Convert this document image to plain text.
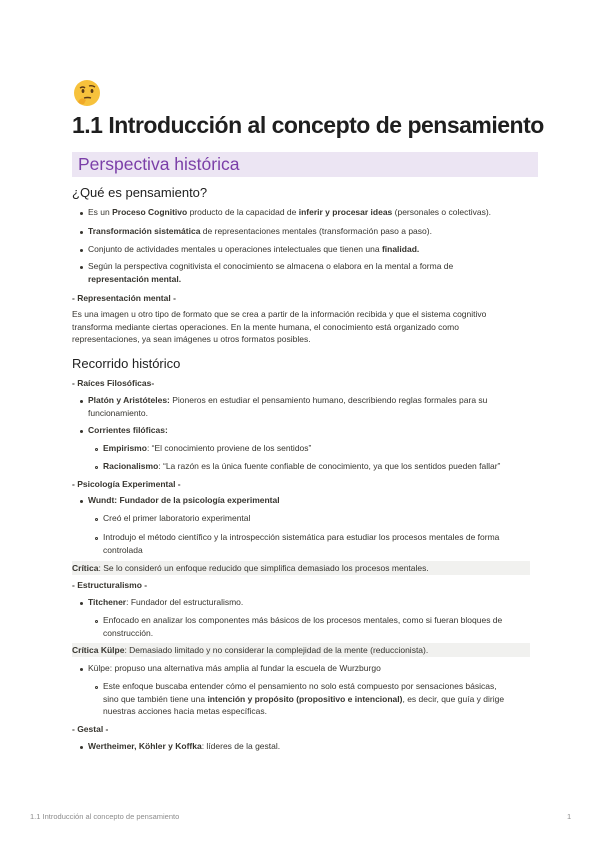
1.1 Introducción al concepto de pensamiento
Perspectiva histórica
¿Qué es pensamiento?
Es un Proceso Cognitivo producto de la capacidad de inferir y procesar ideas (personales o colectivas).
Transformación sistemática de representaciones mentales (transformación paso a paso).
Conjunto de actividades mentales u operaciones intelectuales que tienen una finalidad.
Según la perspectiva cognitivista el conocimiento se almacena o elabora en la mental a forma de
representación mental.
- Representación mental -
Es una imagen u otro tipo de formato que se crea a partir de la información recibida y que el sistema cognitivo
transforma mediante ciertas operaciones. En la mente humana, el conocimiento está organizado como
representaciones, ya sean imágenes u otros formatos posibles.
Recorrido histórico
- Raíces Filosóficas-
Platón y Aristóteles: Pioneros en estudiar el pensamiento humano, describiendo reglas formales para su
funcionamiento.
Corrientes filóficas:
Empirismo: “El conocimiento proviene de los sentidos”
Racionalismo: “La razón es la única fuente confiable de conocimiento, ya que los sentidos pueden fallar”
- Psicología Experimental -
Wundt: Fundador de la psicología experimental
Creó el primer laboratorio experimental
Introdujo el método científico y la introspección sistemática para estudiar los procesos mentales de forma
controlada
Crítica: Se lo consideró un enfoque reducido que simplifica demasiado los procesos mentales.
- Estructuralismo -
Titchener: Fundador del estructuralismo.
Enfocado en analizar los componentes más básicos de los procesos mentales, como si fueran bloques de
construcción.
Crítica Külpe: Demasiado limitado y no considerar la complejidad de la mente (reduccionista).
Külpe: propuso una alternativa más amplia al fundar la escuela de Wurzburgo
Este enfoque buscaba entender cómo el pensamiento no solo está compuesto por sensaciones básicas,
sino que también tiene una intención y propósito (propositivo e intencional), es decir, que guía y dirige
nuestras acciones hacia metas específicas.
- Gestal -
Wertheimer, Köhler y Koffka: líderes de la gestal.
1.1 Introducción al concepto de pensamiento	1
